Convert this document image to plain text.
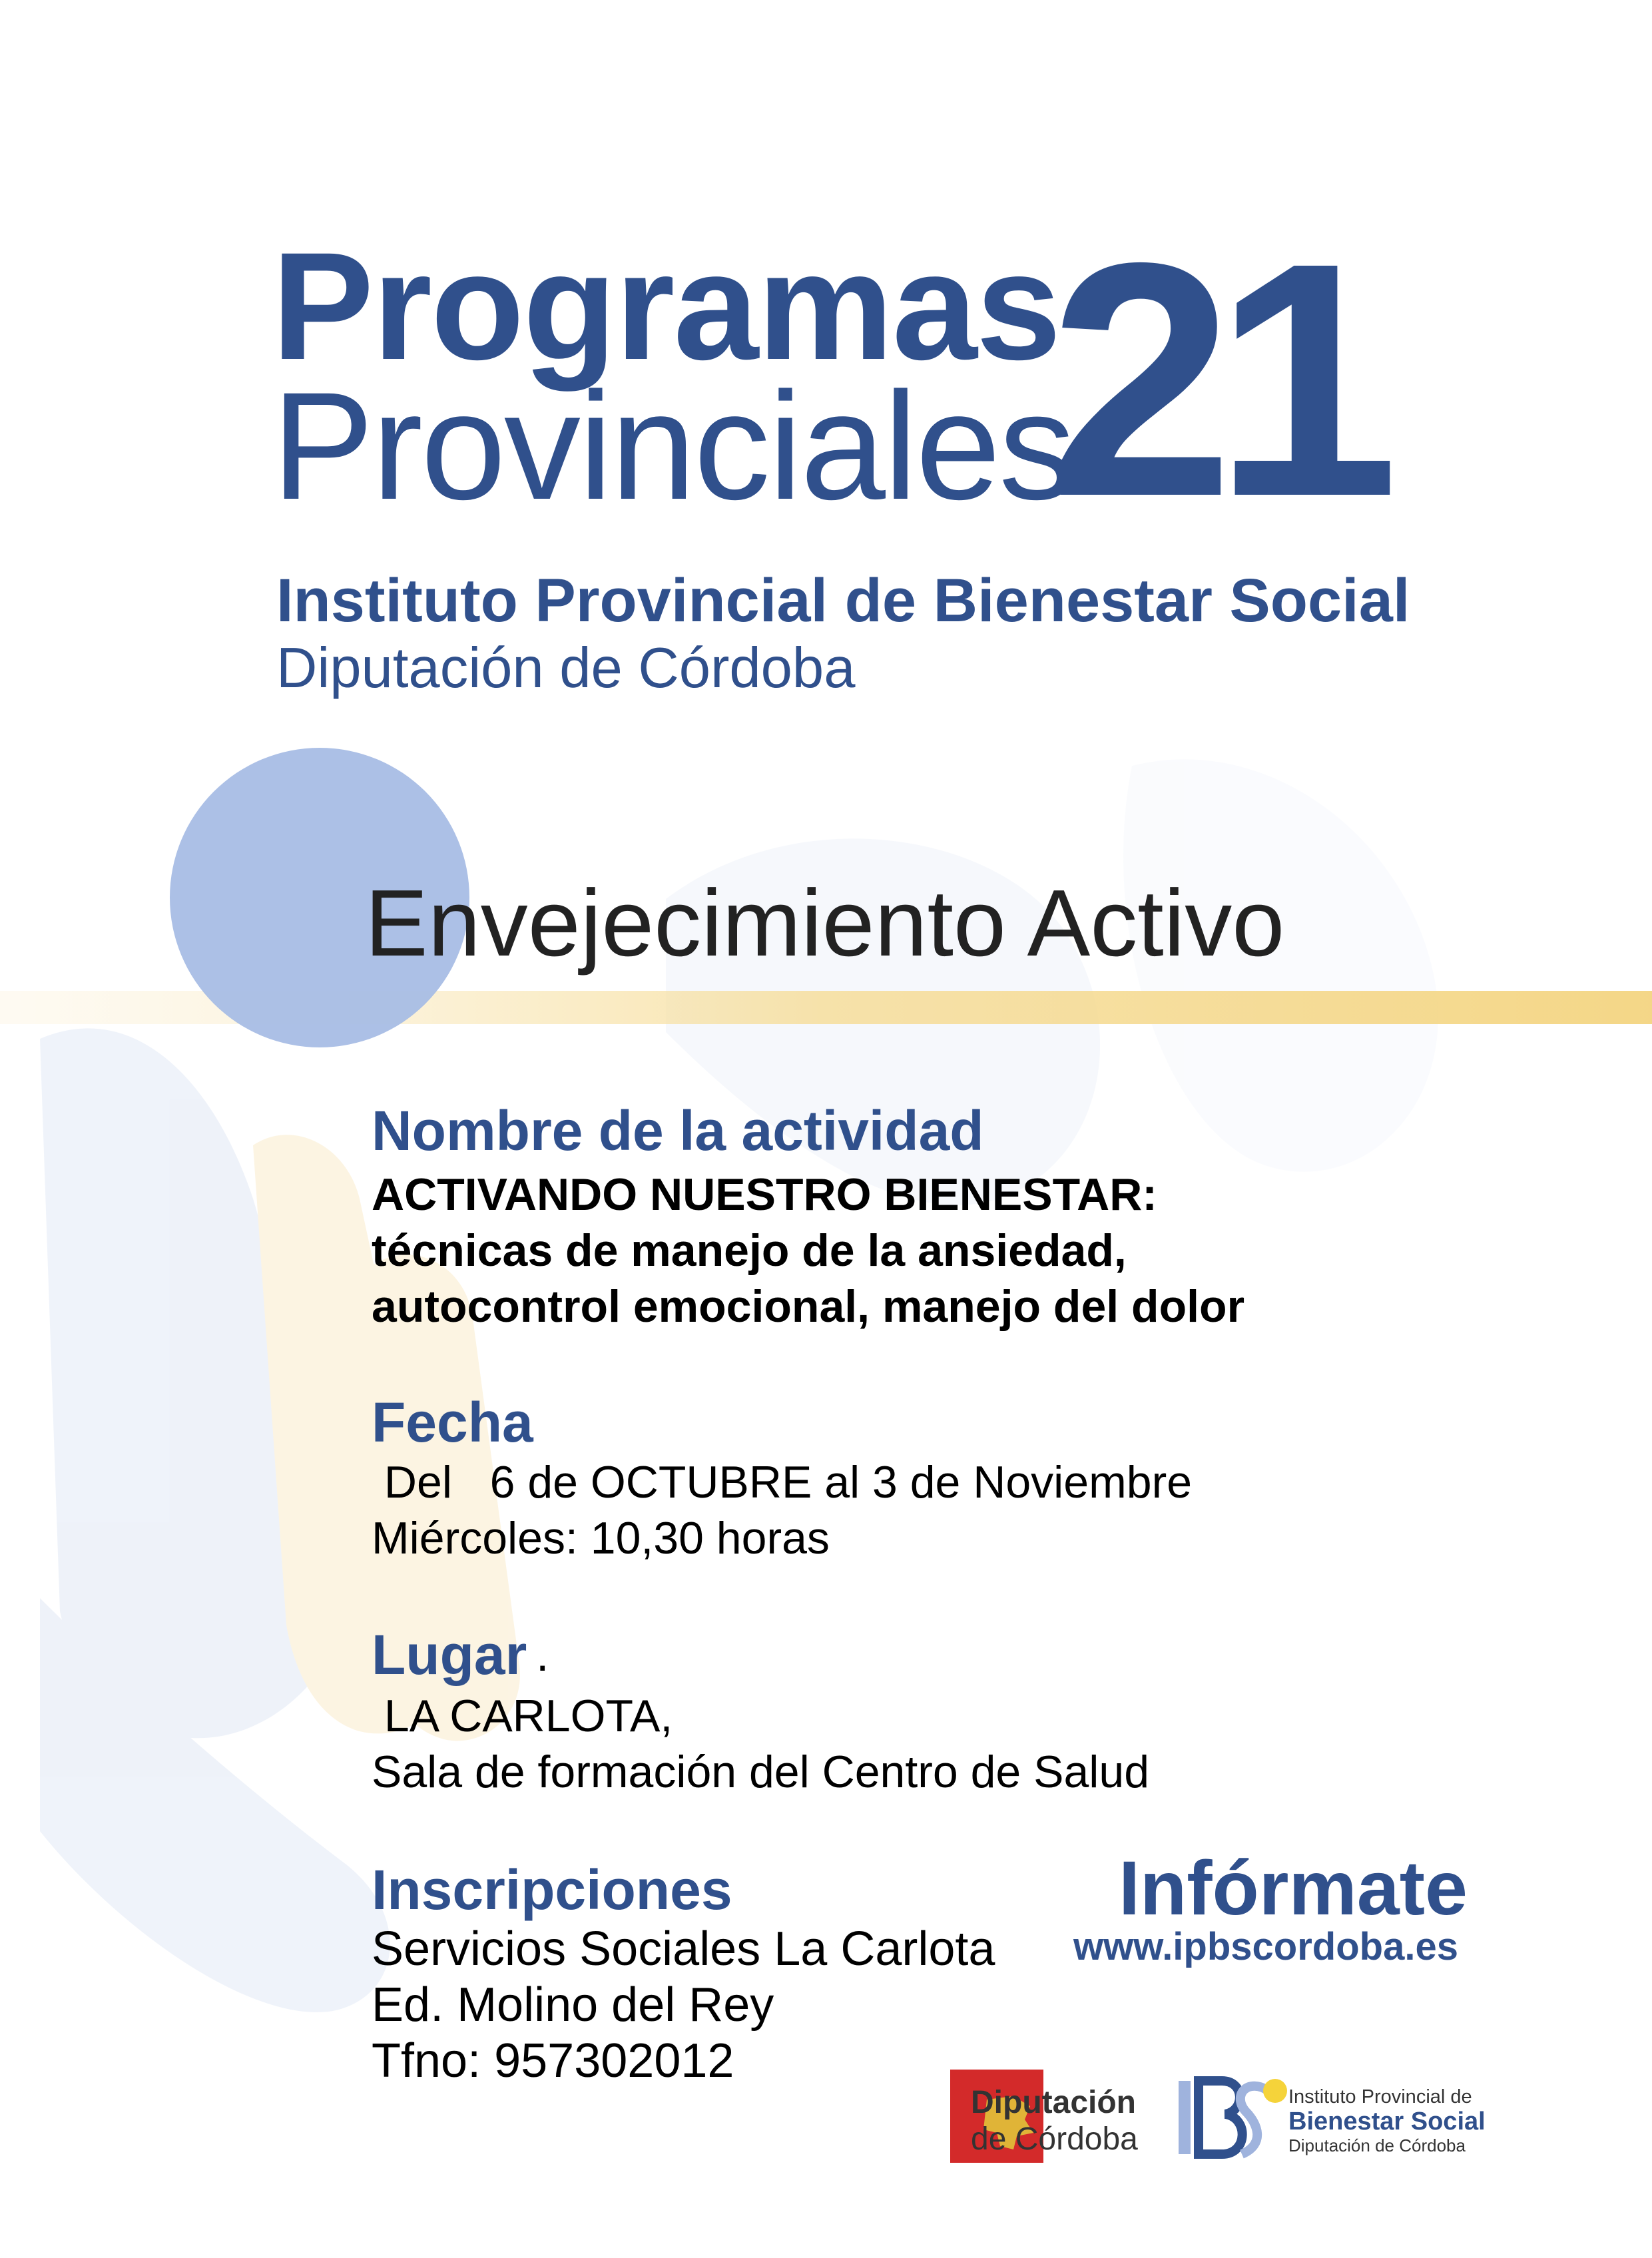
Programas
Provinciales
21
Instituto Provincial de Bienestar Social
Diputación de Córdoba
Envejecimiento Activo
Nombre de la actividad
ACTIVANDO NUESTRO BIENESTAR:
técnicas de manejo de la ansiedad,
autocontrol emocional, manejo del dolor
Fecha
Del   6 de OCTUBRE al 3 de Noviembre
Miércoles: 10,30 horas
Lugar .
LA CARLOTA,
Sala de formación del Centro de Salud
Inscripciones
Servicios Sociales La Carlota
Ed. Molino del Rey
Tfno: 957302012
Infórmate
www.ipbscordoba.es
Diputación
de Córdoba
Instituto Provincial de
Bienestar Social
Diputación de Córdoba
